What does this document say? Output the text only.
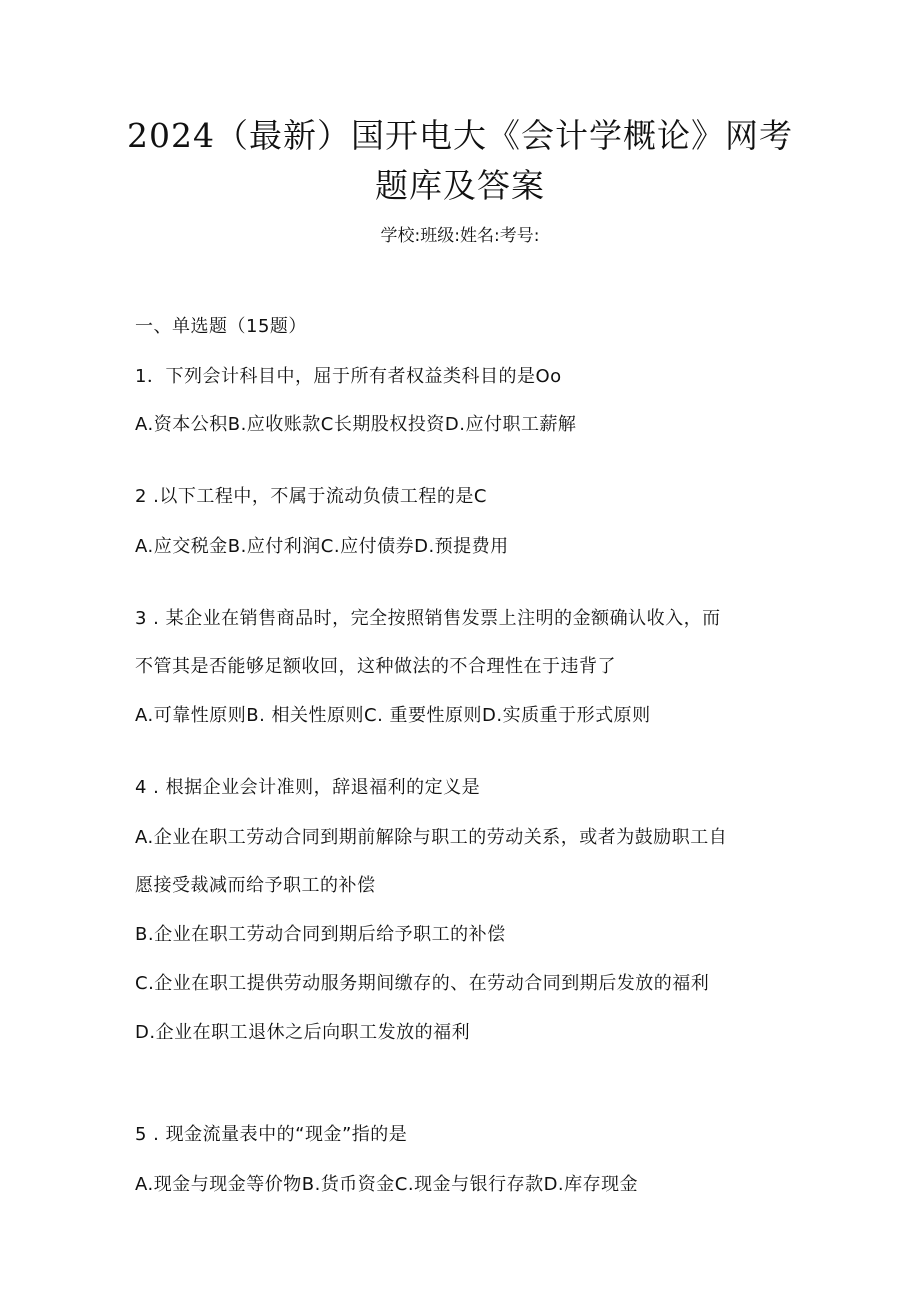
2024（最新）国开电大《会计学概论》网考
题库及答案
学校:班级:姓名:考号:
一、单选题（15题）
1．下列会计科目中，屈于所有者权益类科目的是Oo
A.资本公积B.应收账款C长期股权投资D.应付职工薪解
2 .以下工程中，不属于流动负债工程的是C
A.应交税金B.应付利润C.应付债券D.预提费用
3 . 某企业在销售商品时，完全按照销售发票上注明的金额确认收入，而
不管其是否能够足额收回，这种做法的不合理性在于违背了
A.可靠性原则B. 相关性原则C. 重要性原则D.实质重于形式原则
4 . 根据企业会计准则，辞退福利的定义是
A.企业在职工劳动合同到期前解除与职工的劳动关系，或者为鼓励职工自
愿接受裁减而给予职工的补偿
B.企业在职工劳动合同到期后给予职工的补偿
C.企业在职工提供劳动服务期间缴存的、在劳动合同到期后发放的福利
D.企业在职工退休之后向职工发放的福利
5 . 现金流量表中的“现金”指的是
A.现金与现金等价物B.货币资金C.现金与银行存款D.库存现金
